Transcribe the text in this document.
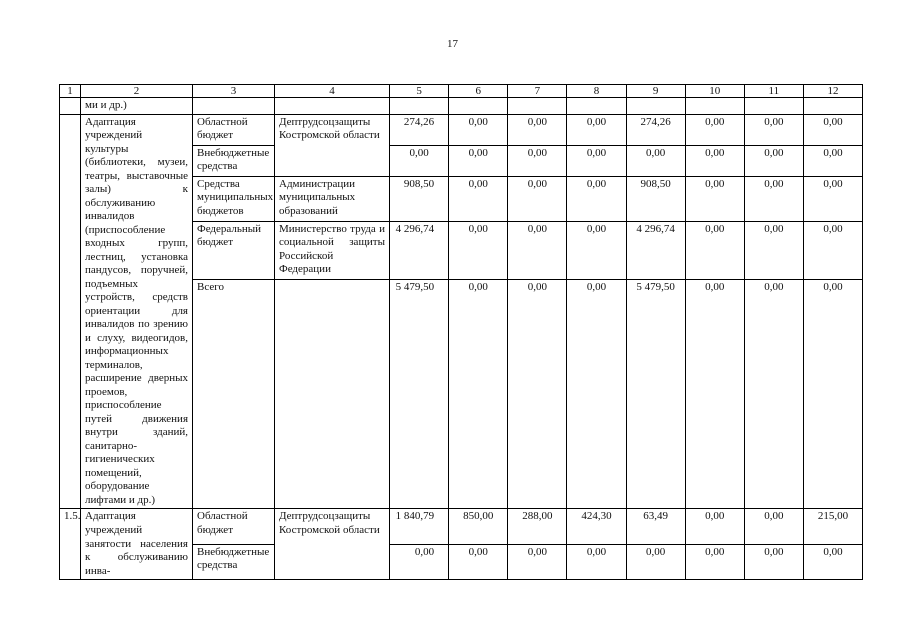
17
1	2	3	4	5	6	7	8	9	10	11	12
	ми и др.)										
	Адаптация учреждений культуры (библиотеки, музеи, театры, выставочные залы) к обслуживанию инвалидов (приспособление входных групп, лестниц, установка пандусов, поручней, подъемных устройств, средств ориентации для инвалидов по зрению и слуху, видеогидов, информационных терминалов, расширение дверных проемов, приспособление путей движения внутри зданий, санитарно-гигиенических помещений, оборудование лифтами и др.)	Областной бюджет	Дептрудсоцзащиты Костромской области	274,26	0,00	0,00	0,00	274,26	0,00	0,00	0,00
		Внебюджетные средства		0,00	0,00	0,00	0,00	0,00	0,00	0,00	0,00
		Средства муниципальных бюджетов	Администрации муниципальных образований	908,50	0,00	0,00	0,00	908,50	0,00	0,00	0,00
		Федеральный бюджет	Министерство труда и социальной защиты Российской Федерации	4 296,74	0,00	0,00	0,00	4 296,74	0,00	0,00	0,00
		Всего		5 479,50	0,00	0,00	0,00	5 479,50	0,00	0,00	0,00
1.5.	Адаптация учреждений занятости населения к обслуживанию инва-	Областной бюджет	Дептрудсоцзащиты Костромской области	1 840,79	850,00	288,00	424,30	63,49	0,00	0,00	215,00
		Внебюджетные средства		0,00	0,00	0,00	0,00	0,00	0,00	0,00	0,00
